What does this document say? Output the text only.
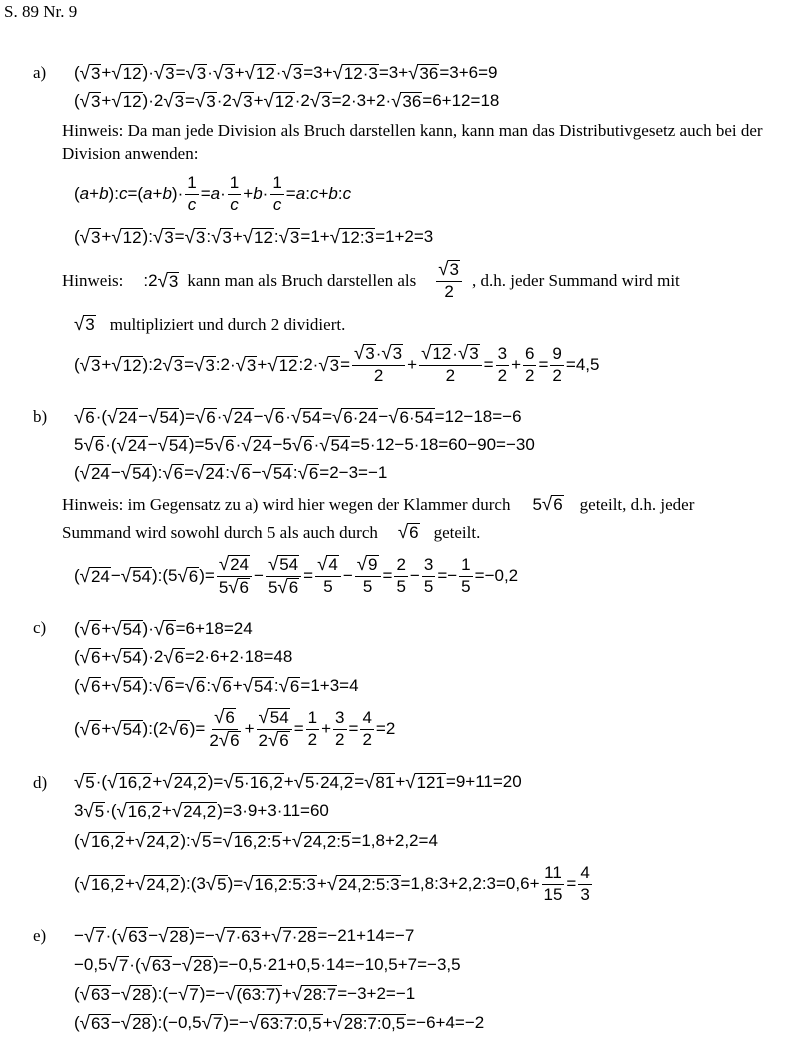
S. 89 Nr. 9
a) ( √ 3 + √ 12 )· √ 3 = √ 3 · √ 3 + √ 12 · √ 3 =3+ √ 12·3 =3+ √ 36 =3+6=9
( √ 3 + √ 12 )·2 √ 3 = √ 3 ·2 √ 3 + √ 12 ·2 √ 3 =2·3+2· √ 36 =6+12=18
Hinweis: Da man jede Division als Bruch darstellen kann, kann man das Distributivgesetz auch bei der Division anwenden:
( a + b ): c =( a + b )·
1
c
= a ·
1
c
+ b ·
1
c
= a : c + b : c
( √ 3 + √ 12 ): √ 3 = √ 3 : √ 3 + √ 12 : √ 3 =1+ √ 12:3 =1+2=3
Hinweis: :2 √ 3 kann man als Bruch darstellen als
√ 3
2
, d.h. jeder Summand wird mit
√ 3 multipliziert und durch 2 dividiert.
( √ 3 + √ 12 ):2 √ 3 = √ 3 :2· √ 3 + √ 12 :2· √ 3 =
√ 3 · √ 3
2
+
√ 12 · √ 3
2
=
3
2
+
6
2
=
9
2
=4,5
b) √ 6 ·( √ 24 − √ 54 )= √ 6 · √ 24 − √ 6 · √ 54 = √ 6·24 − √ 6·54 =12−18=−6
5 √ 6 ·( √ 24 − √ 54 )=5 √ 6 · √ 24 −5 √ 6 · √ 54 =5·12−5·18=60−90=−30
( √ 24 − √ 54 ): √ 6 = √ 24 : √ 6 − √ 54 : √ 6 =2−3=−1
Hinweis: im Gegensatz zu a) wird hier wegen der Klammer durch 5 √ 6 geteilt, d.h. jeder
Summand wird sowohl durch 5 als auch durch √ 6 geteilt.
( √ 24 − √ 54 ):(5 √ 6 )=
√ 24
5 √ 6
−
√ 54
5 √ 6
=
√ 4
5
−
√ 9
5
=
2
5
−
3
5
=−
1
5
=−0,2
c) ( √ 6 + √ 54 )· √ 6 =6+18=24
( √ 6 + √ 54 )·2 √ 6 =2·6+2·18=48
( √ 6 + √ 54 ): √ 6 = √ 6 : √ 6 + √ 54 : √ 6 =1+3=4
( √ 6 + √ 54 ):(2 √ 6 )=
√ 6
2 √ 6
+
√ 54
2 √ 6
=
1
2
+
3
2
=
4
2
=2
d) √ 5 ·( √ 16,2 + √ 24,2 )= √ 5·16,2 + √ 5·24,2 = √ 81 + √ 121 =9+11=20
3 √ 5 ·( √ 16,2 + √ 24,2 )=3·9+3·11=60
( √ 16,2 + √ 24,2 ): √ 5 = √ 16,2:5 + √ 24,2:5 =1,8+2,2=4
( √ 16,2 + √ 24,2 ):(3 √ 5 )= √ 16,2:5:3 + √ 24,2:5:3 =1,8:3+2,2:3=0,6+
11
15
=
4
3
e) − √ 7 ·( √ 63 − √ 28 )=− √ 7·63 + √ 7·28 =−21+14=−7
−0,5 √ 7 ·( √ 63 − √ 28 )=−0,5·21+0,5·14=−10,5+7=−3,5
( √ 63 − √ 28 ):(− √ 7 )=− √ (63:7) + √ 28:7 =−3+2=−1
( √ 63 − √ 28 ):(−0,5 √ 7 )=− √ 63:7:0,5 + √ 28:7:0,5 =−6+4=−2
